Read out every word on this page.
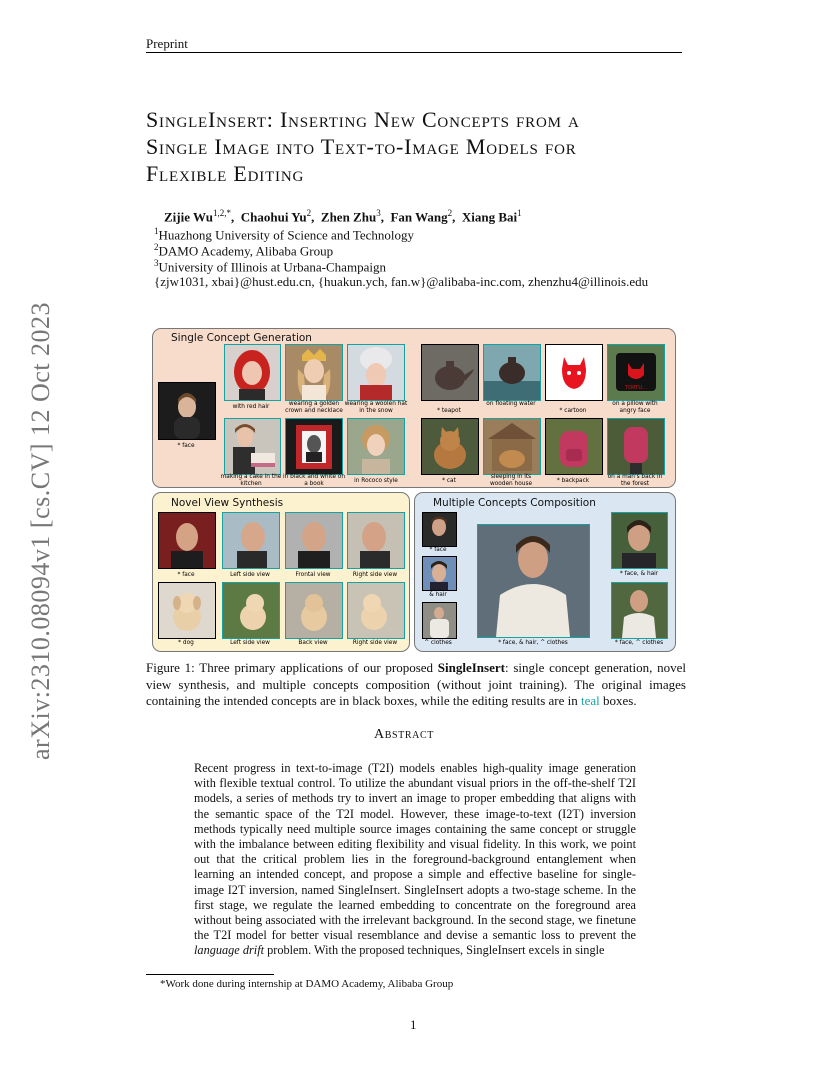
Preprint
arXiv:2310.08094v1 [cs.CV] 12 Oct 2023
SingleInsert: Inserting New Concepts from a
Single Image into Text-to-Image Models for
Flexible Editing
Zijie $Wu^{1,2,*}$,  Chaohui Yu$^2$,  Zhen Zhu$^3$,  Fan Wang$^2$,  Xiang Bai$^1$
$^1$Huazhong University of Science and Technology
$^2$DAMO Academy, Alibaba Group
$^3$University of Illinois at Urbana-Champaign
{zjw1031, xbai}@hust.edu.cn, {huakun.ych, fan.w}@alibaba-inc.com, zhenzhu4@illinois.edu
Single Concept Generation
* face
with red hair	wearing a golden crown and necklace
wearing a woolen hat in the snow
making a cake in the kitchen
in black and white on a book	in Rococo style
* teapot
on floating water
* cartoon
TORTU...
on a pillow with angry face
* cat
sleeping in its wooden house	* backpack
on a man's back in the forest
Novel View Synthesis
* face	Left side view	Frontal view	Right side view
* dog	Left side view	Back view	Right side view
Multiple Concepts Composition
* face
& hair
^ clothes	* face, & hair, ^ clothes
* face, & hair
* face, ^ clothes
Figure 1: Three primary applications of our proposed SingleInsert: single concept generation, novel view synthesis, and multiple concepts composition (without joint training). The original images containing the intended concepts are in black boxes, while the editing results are in teal boxes.
Abstract
Recent progress in text-to-image (T2I) models enables high-quality image generation with flexible textual control. To utilize the abundant visual priors in the off-the-shelf T2I models, a series of methods try to invert an image to proper embedding that aligns with the semantic space of the T2I model. However, these image-to-text (I2T) inversion methods typically need multiple source images containing the same concept or struggle with the imbalance between editing flexibility and visual fidelity. In this work, we point out that the critical problem lies in the foreground-background entanglement when learning an intended concept, and propose a simple and effective baseline for single-image I2T inversion, named SingleInsert. SingleInsert adopts a two-stage scheme. In the first stage, we regulate the learned embedding to concentrate on the foreground area without being associated with the irrelevant background. In the second stage, we finetune the T2I model for better visual resemblance and devise a semantic loss to prevent the language drift problem. With the proposed techniques, SingleInsert excels in single
*Work done during internship at DAMO Academy, Alibaba Group
1
